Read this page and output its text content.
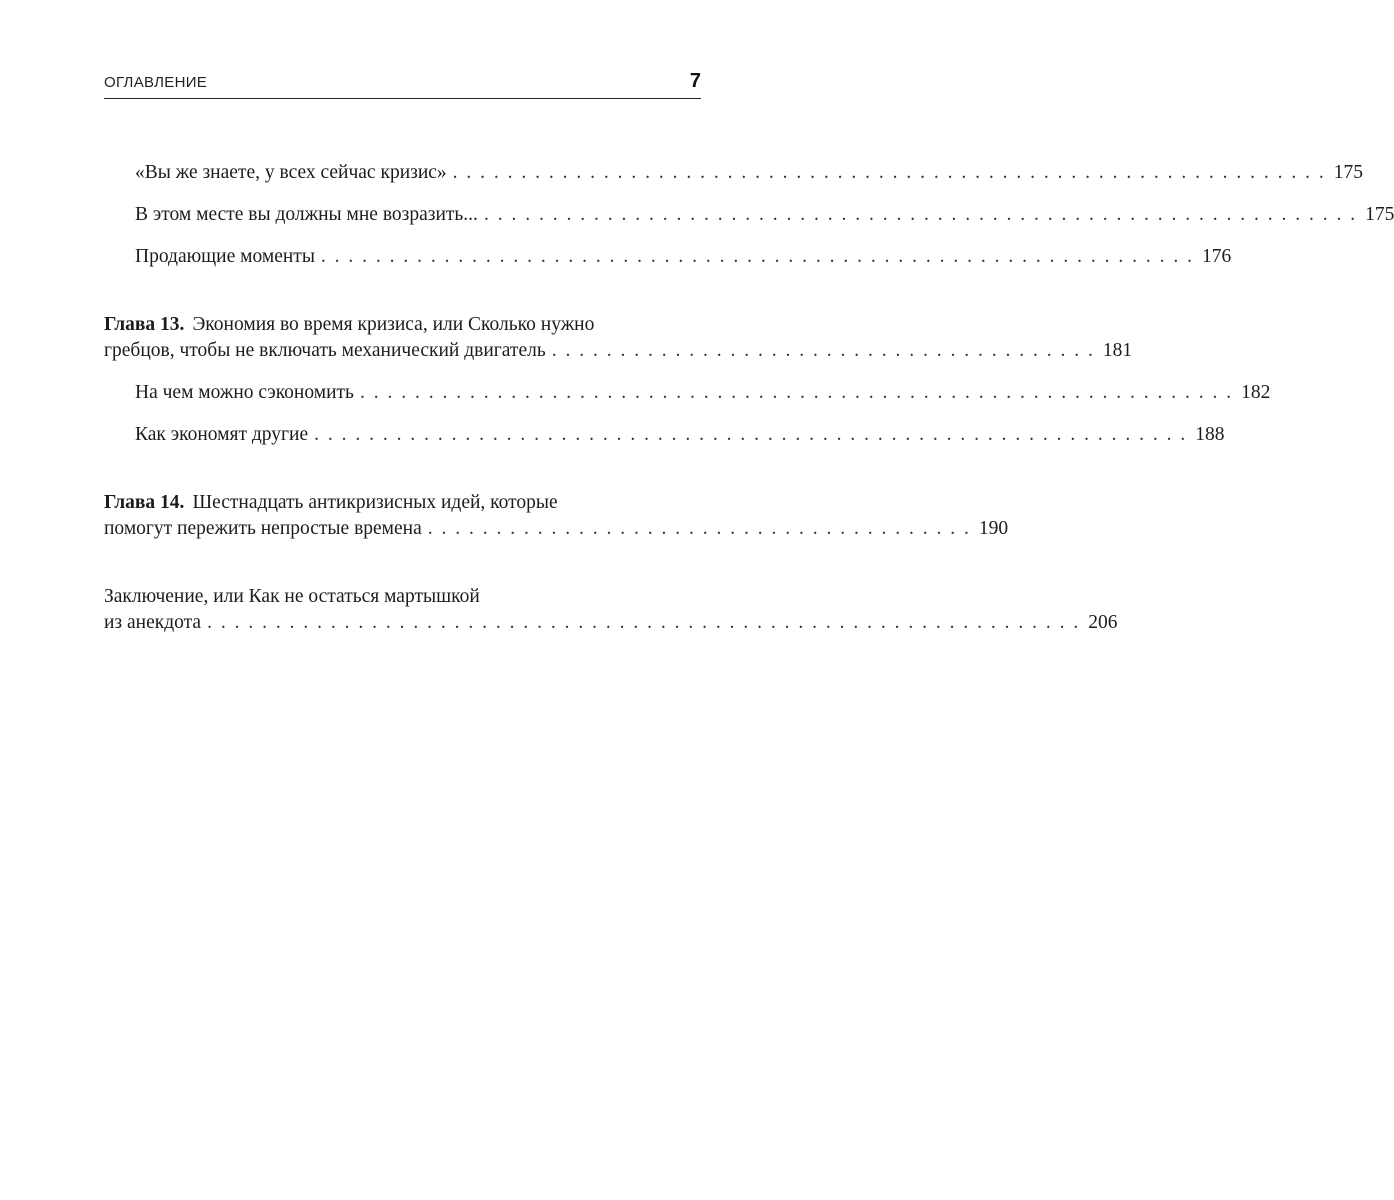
ОГЛАВЛЕНИЕ	7
«Вы же знаете, у всех сейчас кризис» . . . . . . . . . . . . . . . . . . . . . . . . . . . . . . . . . . . . . . . . . . . . . . . . . . . . . . . . . . . . . . . . 175
В этом месте вы должны мне возразить... . . . . . . . . . . . . . . . . . . . . . . . . . . . . . . . . . . . . . . . . . . . . . . . . . . . . . . . . . . . . . . . . 175
Продающие моменты . . . . . . . . . . . . . . . . . . . . . . . . . . . . . . . . . . . . . . . . . . . . . . . . . . . . . . . . . . . . . . . . 176
Глава 13. Экономия во время кризиса, или Сколько нужно
гребцов, чтобы не включать механический двигатель . . . . . . . . . . . . . . . . . . . . . . . . . . . . . . . . . . . . . . . . 181
На чем можно сэкономить . . . . . . . . . . . . . . . . . . . . . . . . . . . . . . . . . . . . . . . . . . . . . . . . . . . . . . . . . . . . . . . . 182
Как экономят другие . . . . . . . . . . . . . . . . . . . . . . . . . . . . . . . . . . . . . . . . . . . . . . . . . . . . . . . . . . . . . . . . 188
Глава 14. Шестнадцать антикризисных идей, которые
помогут пережить непростые времена . . . . . . . . . . . . . . . . . . . . . . . . . . . . . . . . . . . . . . . . 190
Заключение, или Как не остаться мартышкой
из анекдота . . . . . . . . . . . . . . . . . . . . . . . . . . . . . . . . . . . . . . . . . . . . . . . . . . . . . . . . . . . . . . . . 206
